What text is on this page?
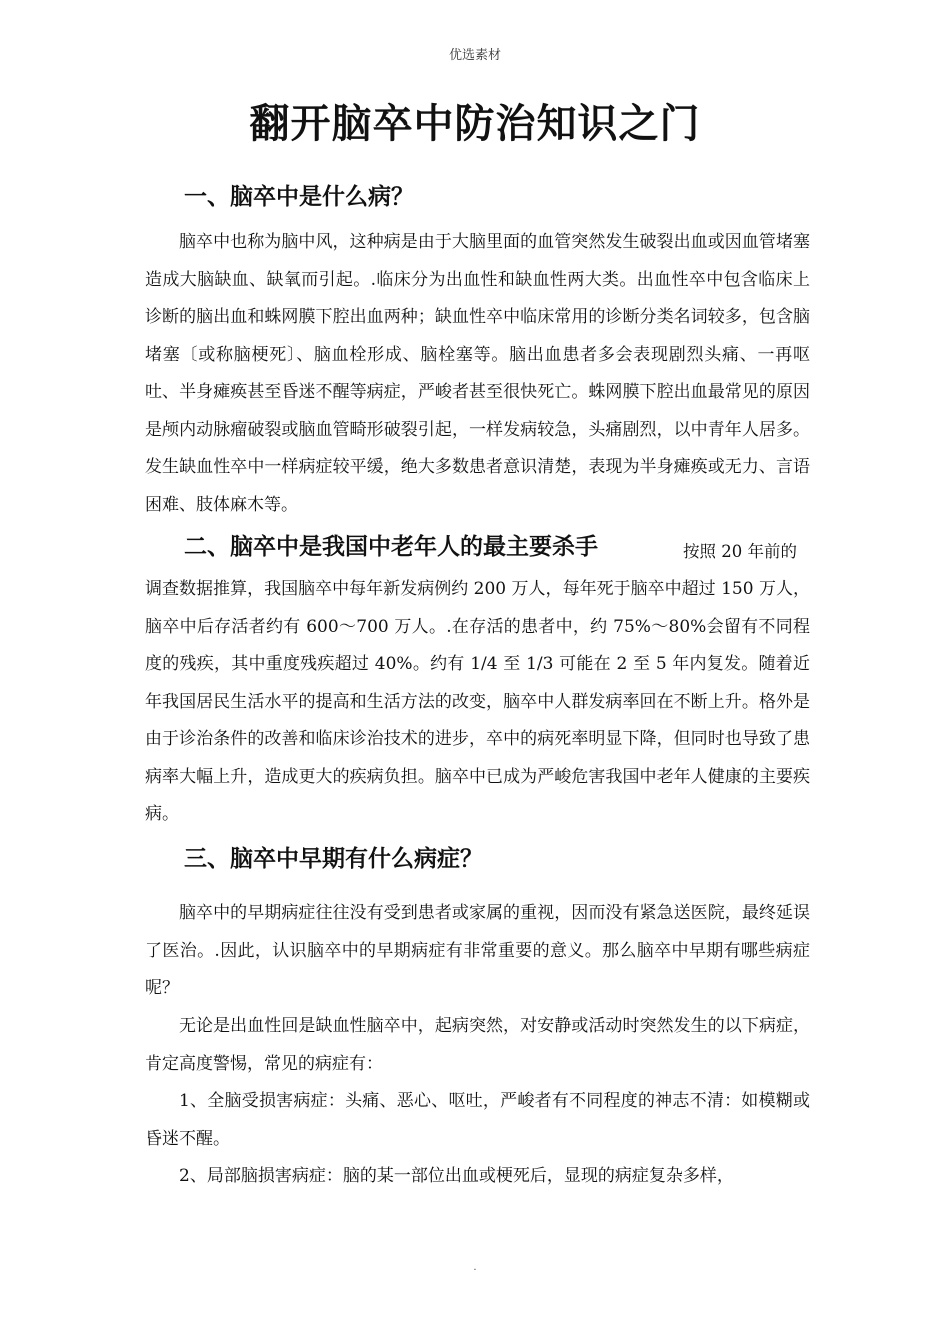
优选素材
翻开脑卒中防治知识之门
一、脑卒中是什么病？

脑卒中也称为脑中风，这种病是由于大脑里面的血管突然发生破裂出血或因血管堵塞造成大脑缺血、缺氧而引起。.临床分为出血性和缺血性两大类。出血性卒中包含临床上诊断的脑出血和蛛网膜下腔出血两种；缺血性卒中临床常用的诊断分类名词较多，包含脑堵塞〔或称脑梗死〕、脑血栓形成、脑栓塞等。脑出血患者多会表现剧烈头痛、一再呕吐、半身瘫痪甚至昏迷不醒等病症，严峻者甚至很快死亡。蛛网膜下腔出血最常见的原因是颅内动脉瘤破裂或脑血管畸形破裂引起，一样发病较急，头痛剧烈，以中青年人居多。发生缺血性卒中一样病症较平缓，绝大多数患者意识清楚，表现为半身瘫痪或无力、言语困难、肢体麻木等。

二、脑卒中是我国中老年人的最主要杀手	按照 20 年前的

调查数据推算，我国脑卒中每年新发病例约 200 万人，每年死于脑卒中超过 150 万人，脑卒中后存活者约有 600～700 万人。.在存活的患者中，约 75%～80%会留有不同程度的残疾，其中重度残疾超过 40%。约有 1/4 至 1/3 可能在 2 至 5 年内复发。随着近年我国居民生活水平的提高和生活方法的改变，脑卒中人群发病率回在不断上升。格外是由于诊治条件的改善和临床诊治技术的进步，卒中的病死率明显下降，但同时也导致了患病率大幅上升，造成更大的疾病负担。脑卒中已成为严峻危害我国中老年人健康的主要疾病。

三、脑卒中早期有什么病症？

脑卒中的早期病症往往没有受到患者或家属的重视，因而没有紧急送医院，最终延误了医治。.因此，认识脑卒中的早期病症有非常重要的意义。那么脑卒中早期有哪些病症呢？

无论是出血性回是缺血性脑卒中，起病突然，对安静或活动时突然发生的以下病症，肯定高度警惕，常见的病症有：

1、全脑受损害病症：头痛、恶心、呕吐，严峻者有不同程度的神志不清：如模糊或昏迷不醒。

2、局部脑损害病症：脑的某一部位出血或梗死后，显现的病症复杂多样，

.
